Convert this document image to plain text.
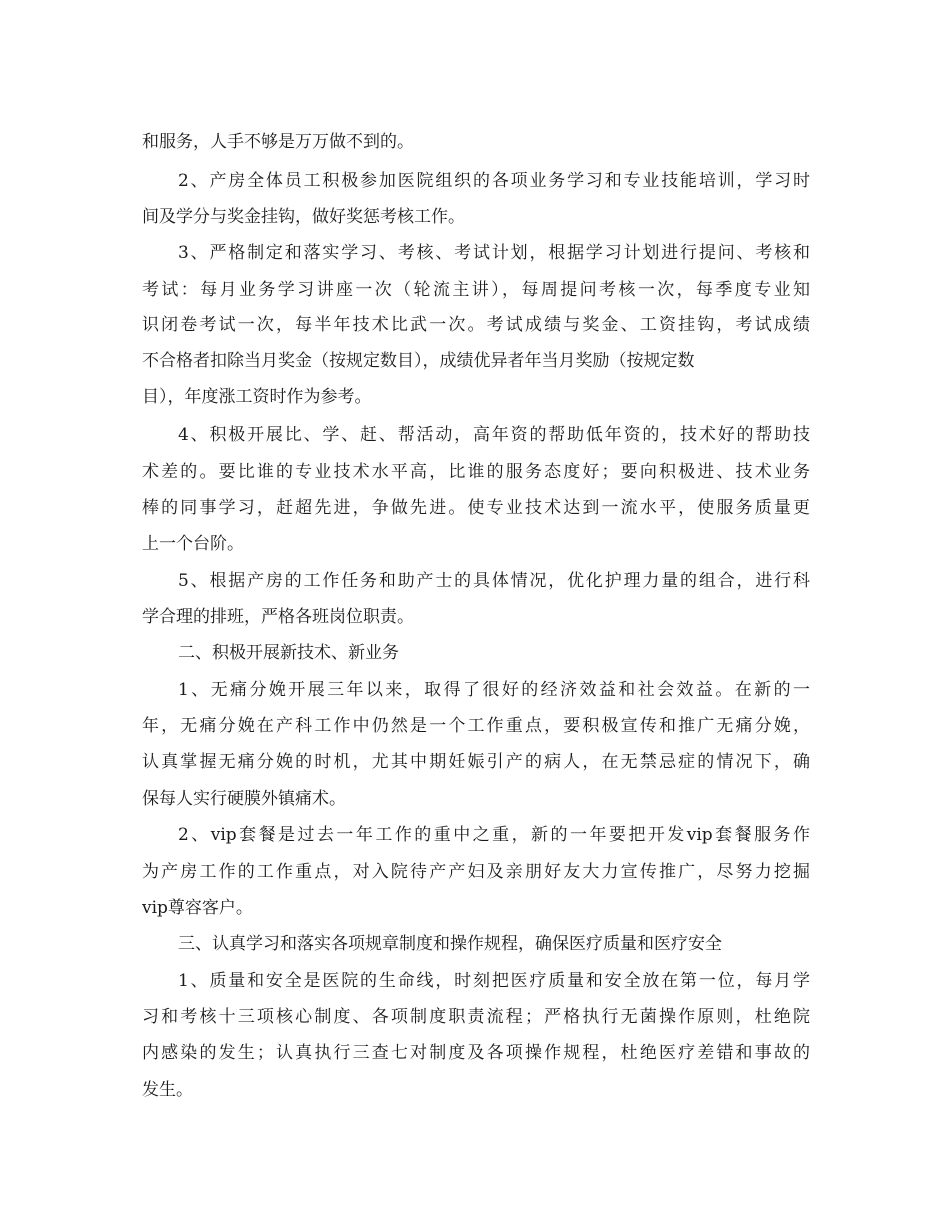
和服务，人手不够是万万做不到的。
2、产房全体员工积极参加医院组织的各项业务学习和专业技能培训，学习时
间及学分与奖金挂钩，做好奖惩考核工作。
3、严格制定和落实学习、考核、考试计划，根据学习计划进行提问、考核和
考试：每月业务学习讲座一次（轮流主讲），每周提问考核一次，每季度专业知
识闭卷考试一次，每半年技术比武一次。考试成绩与奖金、工资挂钩，考试成绩
不合格者扣除当月奖金（按规定数目），成绩优异者年当月奖励（按规定数
目），年度涨工资时作为参考。
4、积极开展比、学、赶、帮活动，高年资的帮助低年资的，技术好的帮助技
术差的。要比谁的专业技术水平高，比谁的服务态度好；要向积极进、技术业务
棒的同事学习，赶超先进，争做先进。使专业技术达到一流水平，使服务质量更
上一个台阶。
5、根据产房的工作任务和助产士的具体情况，优化护理力量的组合，进行科
学合理的排班，严格各班岗位职责。
二、积极开展新技术、新业务
1、无痛分娩开展三年以来，取得了很好的经济效益和社会效益。在新的一
年，无痛分娩在产科工作中仍然是一个工作重点，要积极宣传和推广无痛分娩，
认真掌握无痛分娩的时机，尤其中期妊娠引产的病人，在无禁忌症的情况下，确
保每人实行硬膜外镇痛术。
2、vip套餐是过去一年工作的重中之重，新的一年要把开发vip套餐服务作
为产房工作的工作重点，对入院待产产妇及亲朋好友大力宣传推广，尽努力挖掘
vip尊容客户。
三、认真学习和落实各项规章制度和操作规程，确保医疗质量和医疗安全
1、质量和安全是医院的生命线，时刻把医疗质量和安全放在第一位，每月学
习和考核十三项核心制度、各项制度职责流程；严格执行无菌操作原则，杜绝院
内感染的发生；认真执行三查七对制度及各项操作规程，杜绝医疗差错和事故的
发生。
